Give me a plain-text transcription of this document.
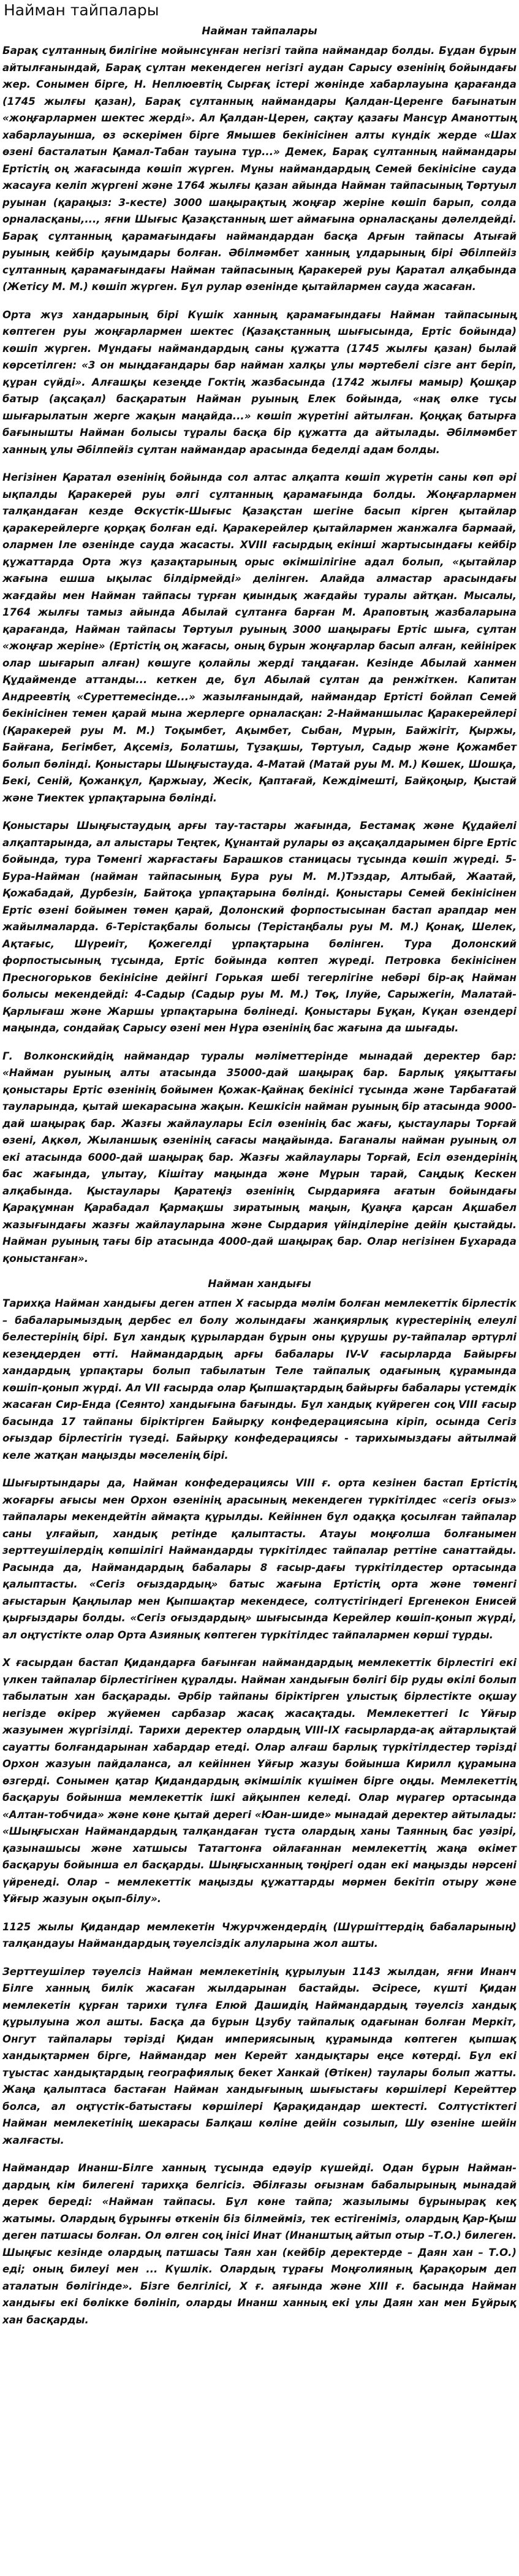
Найман тайпалары
Найман тайпалары

Барақ сұлтанның билігіне мойынсұнған негізгі тайпа наймандар болды. Бұдан бұрын айтылғанындай, Барақ сұлтан мекендеген негізгі аудан Сарысу өзенінің бойындағы жер. Сонымен бірге, Н. Неплюевтің Сырғақ істері жөнінде хабарлауына қарағанда (1745 жылғы қазан), Барақ сұлтанның наймандары Қалдан-Церенге бағынатын «жоңғарлармен шектес жерді». Ал Қалдан-Церен, сақтау қазағы Мансұр Аманоттың хабарлауынша, өз әскерімен бірге Ямышев бекінісінен алты күндік жерде «Шах өзені басталатын Қамал-Табан тауына тұр...» Демек, Барақ сұлтанның наймандары Ертістің оң жағасында көшіп жүрген. Мұны наймандардың Семей бекінісіне сауда жасауға келіп жүргені және 1764 жылғы қазан айында Найман тайпасының Төртуыл руынан (қараңыз: 3-кесте) 3000 шаңырақтың жоңғар жеріне көшіп барып, солда орналасқаны,..., яғни Шығыс Қазақстанның шет аймағына орналасқаны дәлелдейді. Барақ сұлтанның қарамағындағы наймандардан басқа Арғын тайпасы Атығай руының кейбір қауымдары болған. Әбілмәмбет ханның ұлдарының бірі Әбілпейіз сұлтанның қарамағындағы Найман тайпасының Қаракерей руы Қаратал алқабында (Жетісу М. М.) көшіп жүрген. Бұл рулар өзенінде қытайлармен сауда жасаған.

Орта жүз хандарының бірі Күшік ханның қарамағындағы Найман тайпасының көптеген руы жоңғарлармен шектес (Қазақстанның шығысында, Ертіс бойында) көшіп жүрген. Мұндағы наймандардың саны құжатта (1745 жылғы қазан) былай көрсетілген: «3 он мыңдағандары бар найман халқы ұлы мәртебелі сізге ант беріп, құран сүйді». Алғашқы кезеңде Гоктің жазбасында (1742 жылғы мамыр) Қошқар батыр (ақсақал) басқаратын Найман руының Елек бойында, «нақ өлке тұсы шығарылатын жерге жақын маңайда...» көшіп жүретіні айтылған. Қоңқақ батырға бағынышты Найман болысы тұралы басқа бір құжатта да айтылады. Әбілмәмбет ханның ұлы Әбілпейіз сұлтан наймандар арасында беделді адам болды.

Негізінен Қаратал өзенінің бойында сол алтас алқапта көшіп жүретін саны көп әрі ықпалды Қаракерей руы әлгі сұлтанның қарамағында болды. Жоңғарлармен талқандаған кезде Өскүстік-Шығыс Қазақстан шегіне басып кірген қытайлар қаракерейлерге қорқақ болған еді. Қаракерейлер қытайлармен жанжалға бармаай, олармен Іле өзенінде сауда жасасты. XVIII ғасырдың екінші жартысындағы кейбір құжаттарда Орта жүз қазақтарының орыс өкімшілігіне адал болып, «қытайлар жағына ешша ықылас білдірмейді» делінген. Алайда алмастар арасындағы жағдайы мен Найман тайпасы тұрған қиындық жағдайы туралы айтқан. Мысалы, 1764 жылғы тамыз айында Абылай сұлтанға барған М. Араповтың жазбаларына қарағанда, Найман тайпасы Төртуыл руының 3000 шаңырағы Ертіс шыға, сұлтан «жоңғар жеріне» (Ертістің оң жағасы, оның бұрын жоңғарлар басып алған, кейінірек олар шығарып алған) көшуге қолайлы жерді таңдаған. Кезінде Абылай ханмен Құдайменде аттанды... кеткен де, бұл Абылай сұлтан да ренжіткен. Капитан Андреевтің «Суреттемесінде...» жазылғанындай, наймандар Ертісті бойлап Семей бекінісінен темен қарай мына жерлерге орналасқан: 2-Найманшылас Қаракерейлері (Қаракерей руы М. М.) Тоқымбет, Ақымбет, Сыбан, Мұрын, Байжігіт, Қыржы, Байғана, Бегімбет, Ақсеміз, Болатшы, Тұзақшы, Төртуыл, Садыр және Қожамбет болып бөлінді. Қоныстары Шыңғыстауда. 4-Матай (Матай руы М. М.) Көшек, Шошқа, Бекі, Сеній, Қожанқұл, Қаржыау, Жесік, Қаптағай, Кеждімешті, Байқоңыр, Қыстай және Тиектек ұрпақтарына бөлінді.

Қоныстары Шыңғыстаудың арғы тау-тастары жағында, Бестамақ және Құдайелі алқаптарында, ал алыстары Теңтек, Құнантай рулары өз ақсақалдарымен бірге Ертіс бойында, тура Төменгі жарғастағы Барашков станицасы тұсында көшіп жүреді. 5-Бура-Найман (найман тайпасының Бура руы М. М.)Тэздар, Алтыбай, Жаатай, Қожабадай, Дурбезін, Байтоқа ұрпақтарына бөлінді. Қоныстары Семей бекінісінен Ертіс өзені бойымен төмен қарай, Долонский форпостысынан бастап арапдар мен жайылмаларда. 6-Терістақбалы болысы (Терістаңбалы руы М. М.) Қонақ, Шелек, Ақтағыс, Шүреиіт, Қожегелді ұрпақтарына бөлінген. Тура Долонский форпостысының тұсында, Ертіс бойында көптеп жүреді. Петровка бекінісінен Пресногорьков бекінісіне дейінгі Горькая шебі тегерлігіне небәрі бір-ақ Найман болысы мекендейді: 4-Садыр (Садыр руы М. М.) Төқ, Ілуйе, Сарыжегін, Малатай-Қарлығаш және Жаршы ұрпақтарына бөлінеді. Қоныстары Бұқан, Күқан өзендері маңында, сондайақ Сарысу өзені мен Нұра өзенінің бас жағына да шығады.

Г. Волконскийдің наймандар туралы мәліметтерінде мынадай деректер бар: «Найман руының алты атасында 35000-дай шаңырақ бар. Барлық ұяқыттағы қоныстары Ертіс өзенінің бойымен Қожак-Қайнақ бекінісі тұсында және Тарбағатай тауларында, қытай шекарасына жақын. Кешкісін найман руының бір атасында 9000-дай шаңырақ бар. Жазғы жайлаулары Есіл өзенінің бас жағы, қыстаулары Торғай өзені, Ақкөл, Жыланшық өзенінің сағасы маңайында. Баганалы найман руының ол екі атасында 6000-дай шаңырақ бар. Жазғы жайлаулары Торғай, Есіл өзендерінің бас жағында, ұлытау, Кішітау маңында және Мұрын тарай, Саңдық Кескен алқабында. Қыстаулары Қаратеңіз өзенінің Сырдарияға ағатын бойындағы Қарақұмнан Қарабадал Қармақшы зиратының маңын, Қуаңға қарсан Ақшабел жазығындағы жазғы жайлауларына және Сырдария үйінділеріне дейін қыстайды. Найман руының тағы бір атасында 4000-дай шаңырақ бар. Олар негізінен Бұхарада қоныстанған».

Найман хандығы

Тарихқа Найман хандығы деген атпен Х ғасырда мәлім болған мемлекеттік бірлестік – бабаларымыздың дербес ел болу жолындағы жанқиярлық күрестерінің елеулі белестерінің бірі. Бұл хандық құрылардан бұрын оны құрушы ру-тайпалар әртүрлі кезеңдерден өтті. Наймандардың арғы бабалары ІV-V ғасырларда Байырғы хандардың ұрпақтары болып табылатын Теле тайпалық одағының құрамында көшіп-қонып жүрді. Ал VII ғасырда олар Қыпшақтардың байырғы бабалары үстемдік жасаған Сир-Енда (Сеянто) хандығына бағынды. Бұл хандық күйреген соң VIII ғасыр басында 17 тайпаны біріктірген Байырқу конфедерациясына кіріп, осында Сегіз оғыздар бірлестігін түзеді. Байырқу конфедерациясы - тарихымыздағы айтылмай келе жатқан маңызды мәселенің бірі.

Шығыртындары да, Найман конфедерациясы VIII ғ. орта кезінен бастап Ертістің жоғарғы ағысы мен Орхон өзенінің арасының мекендеген түркітілдес «сегіз оғыз» тайпалары мекендейтін аймақта құрылды. Кейіннен бұл одаққа қосылған тайпалар саны ұлғайып, хандық ретінде қалыптасты. Атауы моңғолша болғанымен зерттеушілердің көпшілігі Наймандарды түркітілдес тайпалар реттіне санаттайды. Расында да, Наймандардың бабалары 8 ғасыр-дағы түркітілдестер ортасында қалыптасты. «Сегіз оғыздардың» батыс жағына Ертістің орта және төменгі ағыстарын Қаңлылар мен Қыпшақтар мекендесе, солтүстігіндегі Ергенекон Енисей қырғыздары болды. «Сегіз оғыздардың» шығысында Керейлер көшіп-қонып жүрді, ал оңтүстікте олар Орта Азиянық көптеген түркітілдес тайпалармен көрші тұрды.

Х ғасырдан бастап Қидандарға бағынған наймандардың мемлекеттік бірлестігі екі үлкен тайпалар бірлестігінен құралды. Найман хандығын бөлігі бір руды өкілі болып табылатын хан басқарады. Әрбір тайпаны біріктірген ұлыстық бірлестікте оқшау негізде өкірер жүйемен сарбазар жасақ жасақтады. Мемлекеттегі Іс Үйғыр жазуымен жүргізілді. Тарихи деректер олардың VIII-IX ғасырларда-ақ айтарлықтай сауатты болғандарынан хабардар етеді. Олар алғаш барлық түркітілдестер тәрізді Орхон жазуын пайдаланса, ал кейіннен Ұйғыр жазуы бойынша Кирилл құрамына өзгерді. Сонымен қатар Қидандардың әкімшілік күшімен бірге оңды. Мемлекеттің басқаруы бойынша мемлекеттік ішкі айқынпен келеді. Олар мүрагер ортасында «Алтан-тобчида» және көне қытай дерегі «Юан-шиде» мынадай деректер айтылады: «Шыңғысхан Наймандардың талқандаған тұста олардың ханы Таянның бас уәзірі, қазынашысы және хатшысы Татагтонға ойлағаннан мемлекеттің жаңа өкімет басқаруы бойынша ел басқарды. Шыңғысханның төңірегі одан екі маңызды нәрсені үйренеді. Олар – мемлекеттік маңызды құжаттарды мөрмен бекітіп отыру және Ұйғыр жазуын оқып-білу».

1125 жылы Қидандар мемлекетін Чжурчжендердің (Шүршіттердің бабаларының) талқандауы Наймандардың тәуелсіздік алуларына жол ашты.

Зерттеушілер тәуелсіз Найман мемлекетінің құрылуын 1143 жылдан, яғни Инанч Білге ханның билік жасаған жылдарынан бастайды. Әсіресе, күшті Қидан мемлекетін құрған тарихи тұлға Елюй Дашидің Наймандардың тәуелсіз хандық құрылуына жол ашты. Басқа да бұрын Цзубу тайпалық одағынан болған Меркіт, Онгут тайпалары тәрізді Қидан империясының құрамында көптеген қыпшақ хандықтармен бірге, Наймандар мен Керейт хандықтары еңсе көтерді. Бұл екі тұыстас хандықтардың географиялық бекет Ханкай (Өтікен) таулары болып жатты. Жаңа қалыптаса бастаған Найман хандығының шығыстағы көршілері Керейттер болса, ал оңтүстік-батыстағы көршілері Қарақидандар шектесті. Солтүстіктегі Найман мемлекетінің шекарасы Балқаш көліне дейін созылып, Шу өзеніне шейін жалғасты.

Наймандар Инанш-Білге ханның тұсында едәуір күшейді. Одан бұрын Наймандардың кім билегені тарихқа белгісіз. Әбілғазы оғызнам бабалырының мынадай дерек береді: «Найман тайпасы. Бұл көне тайпа; жазылымы бұрынырақ кеқ жатымы. Олардың бұрынғы өткенін біз білмейміз, тек естігеніміз, олардың Қар-Қыш деген патшасы болған. Ол өлген соң інісі Инат (Инанштың айтып отыр –Т.О.) билеген. Шыңғыс кезінде олардың патшасы Таян хан (кейбір деректерде – Даян хан – Т.О.) еді; оның билеуі мен ... Күшлік. Олардың тұрағы Моңғолияның Қарақорым деп аталатын бөлігінде». Бізге белгілісі, Х ғ. аяғында және XIII ғ. басында Найман хандығы екі бөлікке бөлініп, оларды Инанш ханның екі ұлы Даян хан мен Бұйрық хан басқарды.
